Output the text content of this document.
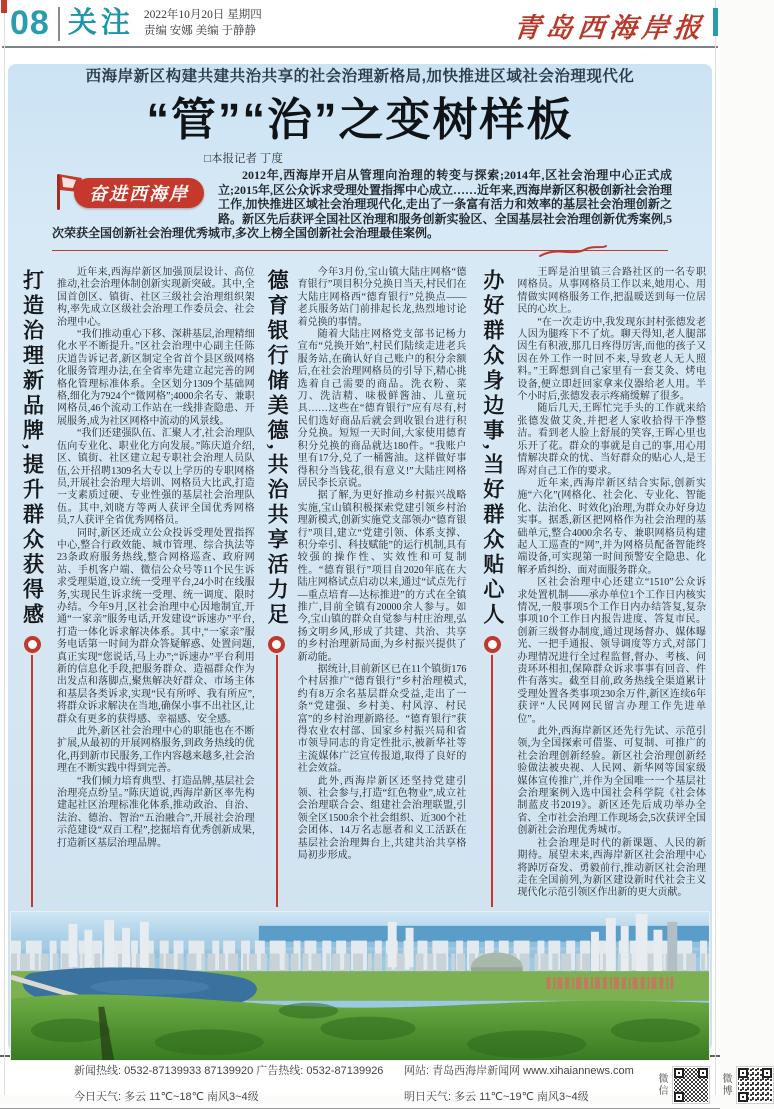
08 关注 2022年10月20日 星期四
责编 安娜 美编 于静静	青岛西海岸报
西海岸新区构建共建共治共享的社会治理新格局,加快推进区域社会治理现代化
“管”“治”之变树样板
□本报记者 丁度
奋进西海岸

2012年,西海岸开启从管理向治理的转变与探索;2014年,区社会治理中心正式成立;2015年,区公众诉求受理处置指挥中心成立……近年来,西海岸新区积极创新社会治理工作,加快推进区域社会治理现代化,走出了一条富有活力和效率的基层社会治理创新之路。新区先后获评全国社区治理和服务创新实验区、全国基层社会治理创新优秀案例,5次荣获全国创新社会治理优秀城市,多次上榜全国创新社会治理最佳案例。

打造治理新品牌,提升群众获得感	近年来,西海岸新区加强顶层设计、高位推动,社会治理体制创新实现新突破。其中,全国首创区、镇街、社区三级社会治理组织架构,率先成立区级社会治理工作委员会、社会治理中心。

“我们推动重心下移、深耕基层,治理精细化水平不断提升。”区社会治理中心副主任陈庆道告诉记者,新区制定全省首个县区级网格化服务管理办法,在全省率先建立起完善的网格化管理标准体系。全区划分1309个基础网格,细化为7924个“微网格”;4000余名专、兼职网格员,46个流动工作站在一线排查隐患、开展服务,成为社区网格中流动的风景线。

“我们还建强队伍、汇聚人才,社会治理队伍向专业化、职业化方向发展。”陈庆道介绍,区、镇街、社区建立起专职社会治理人员队伍,公开招聘1309名大专以上学历的专职网格员,开展社会治理大培训、网格员大比武,打造一支素质过硬、专业性强的基层社会治理队伍。其中,刘晓方等两人获评全国优秀网格员,7人获评全省优秀网格员。

同时,新区还成立公众投诉受理处置指挥中心,整合行政效能、城市管理、综合执法等23条政府服务热线,整合网格巡查、政府网站、手机客户端、微信公众号等11个民生诉求受理渠道,设立统一受理平台,24小时在线服务,实现民生诉求统一受理、统一调度、限时办结。今年9月,区社会治理中心因地制宜,开通“一家亲”服务电话,开发建设“诉速办”平台,打造一体化诉求解决体系。其中,“一家亲”服务电话第一时间为群众答疑解惑、处置问题,真正实现“您说话,马上办”;“诉速办”平台利用新的信息化手段,把服务群众、造福群众作为出发点和落脚点,聚焦解决好群众、市场主体和基层各类诉求,实现“民有所呼、我有所应”,将群众诉求解决在当地,确保小事不出社区,让群众有更多的获得感、幸福感、安全感。

此外,新区社会治理中心的职能也在不断扩展,从最初的开展网格服务,到政务热线的优化,再到新市民服务,工作内容越来越多,社会治理在不断实践中得到完善。

“我们倾力培育典型、打造品牌,基层社会治理亮点纷呈。”陈庆道说,西海岸新区率先构建起社区治理标准化体系,推动政治、自治、法治、德治、智治“五治融合”,开展社会治理示范建设“双百工程”,挖掘培育优秀创新成果,打造新区基层治理品牌。

德育银行储美德,共治共享活力足	今年3月份,宝山镇大陆庄网格“德育银行”项目积分兑换日当天,村民们在大陆庄网格西“德育银行”兑换点——老兵服务站门前排起长龙,热烈地讨论着兑换的事情。

随着大陆庄网格党支部书记杨力宣布“兑换开始”,村民们陆续走进老兵服务站,在确认好自己账户的积分余额后,在社会治理网格员的引导下,精心挑选着自己需要的商品。洗衣粉、菜刀、洗洁精、味极鲜酱油、儿童玩具……这些在“德育银行”应有尽有,村民们选好商品后就会到收银台进行积分兑换。短短一天时间,大家使用德育积分兑换的商品就达180件。“我账户里有17分,兑了一桶酱油。这样做好事得积分当钱花,很有意义!”大陆庄网格居民李长京说。

据了解,为更好推动乡村振兴战略实施,宝山镇积极探索党建引领乡村治理新模式,创新实施党支部领办“德育银行”项目,建立“党建引领、体系支撑、积分牵引、科技赋能”的运行机制,具有较强的操作性、实效性和可复制性。“德育银行”项目自2020年底在大陆庄网格试点启动以来,通过“试点先行—重点培育—达标推进”的方式在全镇推广,目前全镇有20000余人参与。如今,宝山镇的群众自觉参与村庄治理,弘扬文明乡风,形成了共建、共治、共享的乡村治理新局面,为乡村振兴提供了新动能。

据统计,目前新区已在11个镇街176个村居推广“德育银行”乡村治理模式,约有8万余名基层群众受益,走出了一条“党建强、乡村美、村风淳、村民富”的乡村治理新路径。“德育银行”获得农业农村部、国家乡村振兴局和省市领导同志的肯定性批示,被新华社等主流媒体广泛宣传报道,取得了良好的社会效益。

此外,西海岸新区还坚持党建引领、社会参与,打造“红色物业”,成立社会治理联合会、组建社会治理联盟,引领全区1500余个社会组织、近300个社会团体、14万名志愿者和义工活跃在基层社会治理舞台上,共建共治共享格局初步形成。

办好群众身边事,当好群众贴心人	王晖是泊里镇三合路社区的一名专职网格员。从事网格员工作以来,她用心、用情做实网格服务工作,把温暖送到每一位居民的心坎上。

“在一次走访中,我发现东封村张德发老人因为腿疼下不了炕。聊天得知,老人腿部因生有积液,那几日疼得厉害,而他的孩子又因在外工作一时回不来,导致老人无人照料。”王晖想到自己家里有一套艾灸、烤电设备,便立即赶回家拿来仪器给老人用。半个小时后,张德发表示疼痛缓解了很多。

随后几天,王晖忙完手头的工作就来给张德发做艾灸,并把老人家收拾得干净整洁。看到老人脸上舒展的笑容,王晖心里也乐开了花。群众的事就是自己的事,用心用情解决群众的忧、当好群众的贴心人,是王晖对自己工作的要求。

近年来,西海岸新区结合实际,创新实施“六化”(网格化、社会化、专业化、智能化、法治化、时效化)治理,为群众办好身边实事。据悉,新区把网格作为社会治理的基础单元,整合4000余名专、兼职网格员构建起人工巡查的“网”,并为网格员配备智能终端设备,可实现第一时间预警安全隐患、化解矛盾纠纷、面对面服务群众。

区社会治理中心还建立“1510”公众诉求处置机制——承办单位1个工作日内核实情况,一般事项5个工作日内办结答复,复杂事项10个工作日内报告进度、答复市民。创新三级督办制度,通过现场督办、媒体曝光、一把手通报、领导调度等方式,对部门办理情况进行全过程监督,督办、考核、问责环环相扣,保障群众诉求事事有回音、件件有落实。截至目前,政务热线全渠道累计受理处置各类事项230余万件,新区连续6年获评“人民网网民留言办理工作先进单位”。

此外,西海岸新区还先行先试、示范引领,为全国探索可借鉴、可复制、可推广的社会治理创新经验。新区社会治理创新经验做法被央视、人民网、新华网等国家级媒体宣传推广,并作为全国唯一一个基层社会治理案例入选中国社会科学院《社会体制蓝皮书2019》。新区还先后成功举办全省、全市社会治理工作现场会,5次获评全国创新社会治理优秀城市。

社会治理是时代的新课题、人民的新期待。展望未来,西海岸新区社会治理中心将踔厉奋发、勇毅前行,推动新区社会治理走在全国前列,为新区建设新时代社会主义现代化示范引领区作出新的更大贡献。

新闻热线: 0532-87139933 87139920 广告热线: 0532-87139926	网站: 青岛西海岸新闻网 www.xihaiannews.com
今日天气: 多云 11℃~18℃ 南风3~4级	明日天气: 多云 11℃~19℃ 南风3~4级	微信	微博
